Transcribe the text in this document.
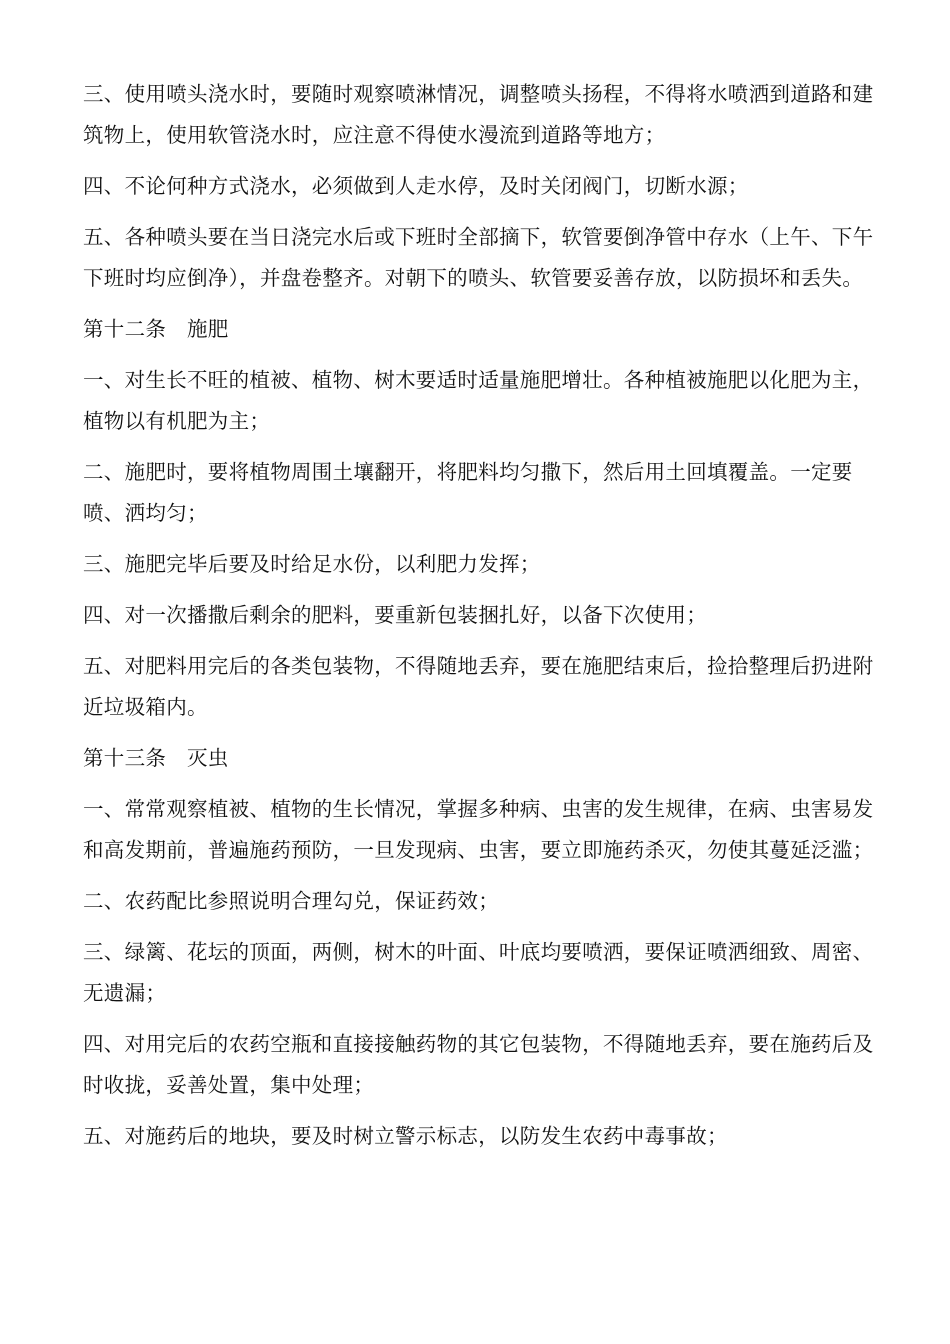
三、使用喷头浇水时，要随时观察喷淋情况，调整喷头扬程，不得将水喷洒到道路和建筑物上，使用软管浇水时，应注意不得使水漫流到道路等地方；

四、不论何种方式浇水，必须做到人走水停，及时关闭阀门，切断水源；

五、各种喷头要在当日浇完水后或下班时全部摘下，软管要倒净管中存水（上午、下午下班时均应倒净），并盘卷整齐。对朝下的喷头、软管要妥善存放，以防损坏和丢失。

第十二条　施肥

一、对生长不旺的植被、植物、树木要适时适量施肥增壮。各种植被施肥以化肥为主，植物以有机肥为主；

二、施肥时，要将植物周围土壤翻开，将肥料均匀撒下，然后用土回填覆盖。一定要喷、洒均匀；

三、施肥完毕后要及时给足水份，以利肥力发挥；

四、对一次播撒后剩余的肥料，要重新包装捆扎好，以备下次使用；

五、对肥料用完后的各类包装物，不得随地丢弃，要在施肥结束后，捡拾整理后扔进附近垃圾箱内。

第十三条　灭虫

一、常常观察植被、植物的生长情况，掌握多种病、虫害的发生规律，在病、虫害易发和高发期前，普遍施药预防，一旦发现病、虫害，要立即施药杀灭，勿使其蔓延泛滥；

二、农药配比参照说明合理勾兑，保证药效；

三、绿篱、花坛的顶面，两侧，树木的叶面、叶底均要喷洒，要保证喷洒细致、周密、无遗漏；

四、对用完后的农药空瓶和直接接触药物的其它包装物，不得随地丢弃，要在施药后及时收拢，妥善处置，集中处理；

五、对施药后的地块，要及时树立警示标志，以防发生农药中毒事故；
